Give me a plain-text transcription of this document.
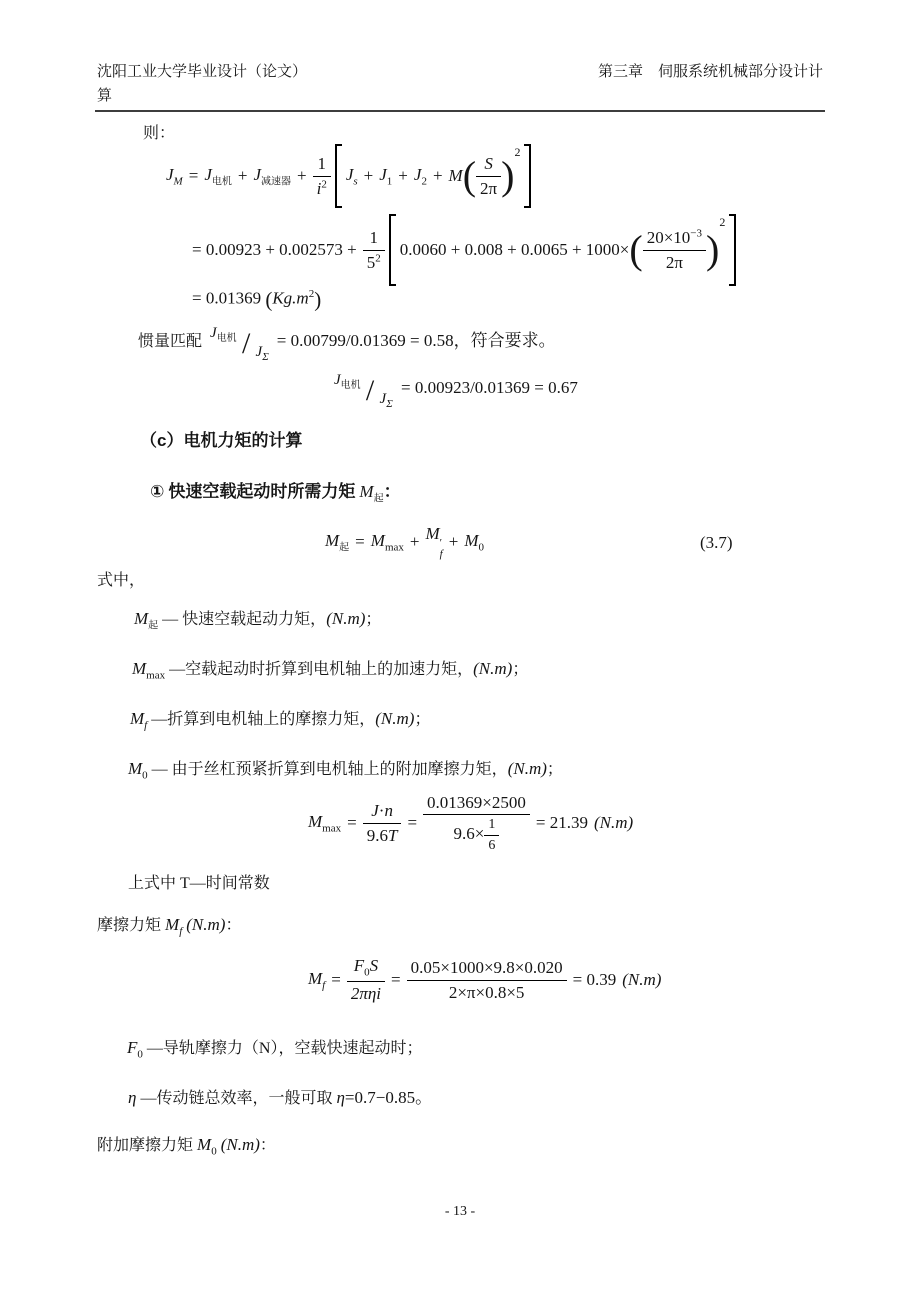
沈阳工业大学毕业设计（论文）	第三章　伺服系统机械部分设计计
算
则：
$J_M = J_{电机} + J_{减速器} + \frac{1}{i^2} J_s + J_1 + J_2 + M$ ( $\frac{S}{2\pi}$ )
2
= $0.00923 + 0.002573 + \frac{1}{5^2} 0.0060 + 0.008 + 0.0065 + 1000\times$ ( $\frac{20\times 10^{-3}}{2\pi}$ )
2
= 0.01369 $(Kg.m^2)$
惯量匹配 $J_{电机} / J_\Sigma = 0.00799/0.01369 = 0.58$，符合要求。
$J_{电机} / J_\Sigma = 0.00923/0.01369 = 0.67$
（c）电机力矩的计算
① 快速空载起动时所需力矩 $M_起$：
$M_起 = M_{max} + M$ ′
f
+ $M_0$	(3.7)
式中，
$M_起$ — 快速空载起动力矩，(N.m)；
$M_{max}$ —空载起动时折算到电机轴上的加速力矩，(N.m)；
$M_f$ —折算到电机轴上的摩擦力矩，(N.m)；
$M_0$ — 由于丝杠预紧折算到电机轴上的附加摩擦力矩，(N.m)；
$M_{max} = \frac{J\cdot n}{9.6T} = \frac{0.01369\times 2500}{9.6\times \frac{1}{6}} = 21.39$ (N.m)
上式中 T—时间常数
摩擦力矩 $M_f$ (N.m)：
$M_f = \frac{F_0S}{\text{2πηi}} = \frac{0.05\times 1000\times 9.8\times 0.020}{2\times\pi\times 0.8\times 5} = 0.39$ (N.m)
$F_0$ —导轨摩擦力（N），空载快速起动时；
η —传动链总效率，一般可取 η=0.7−0.85。
附加摩擦力矩 $M_0$ (N.m)：
- 13 -
